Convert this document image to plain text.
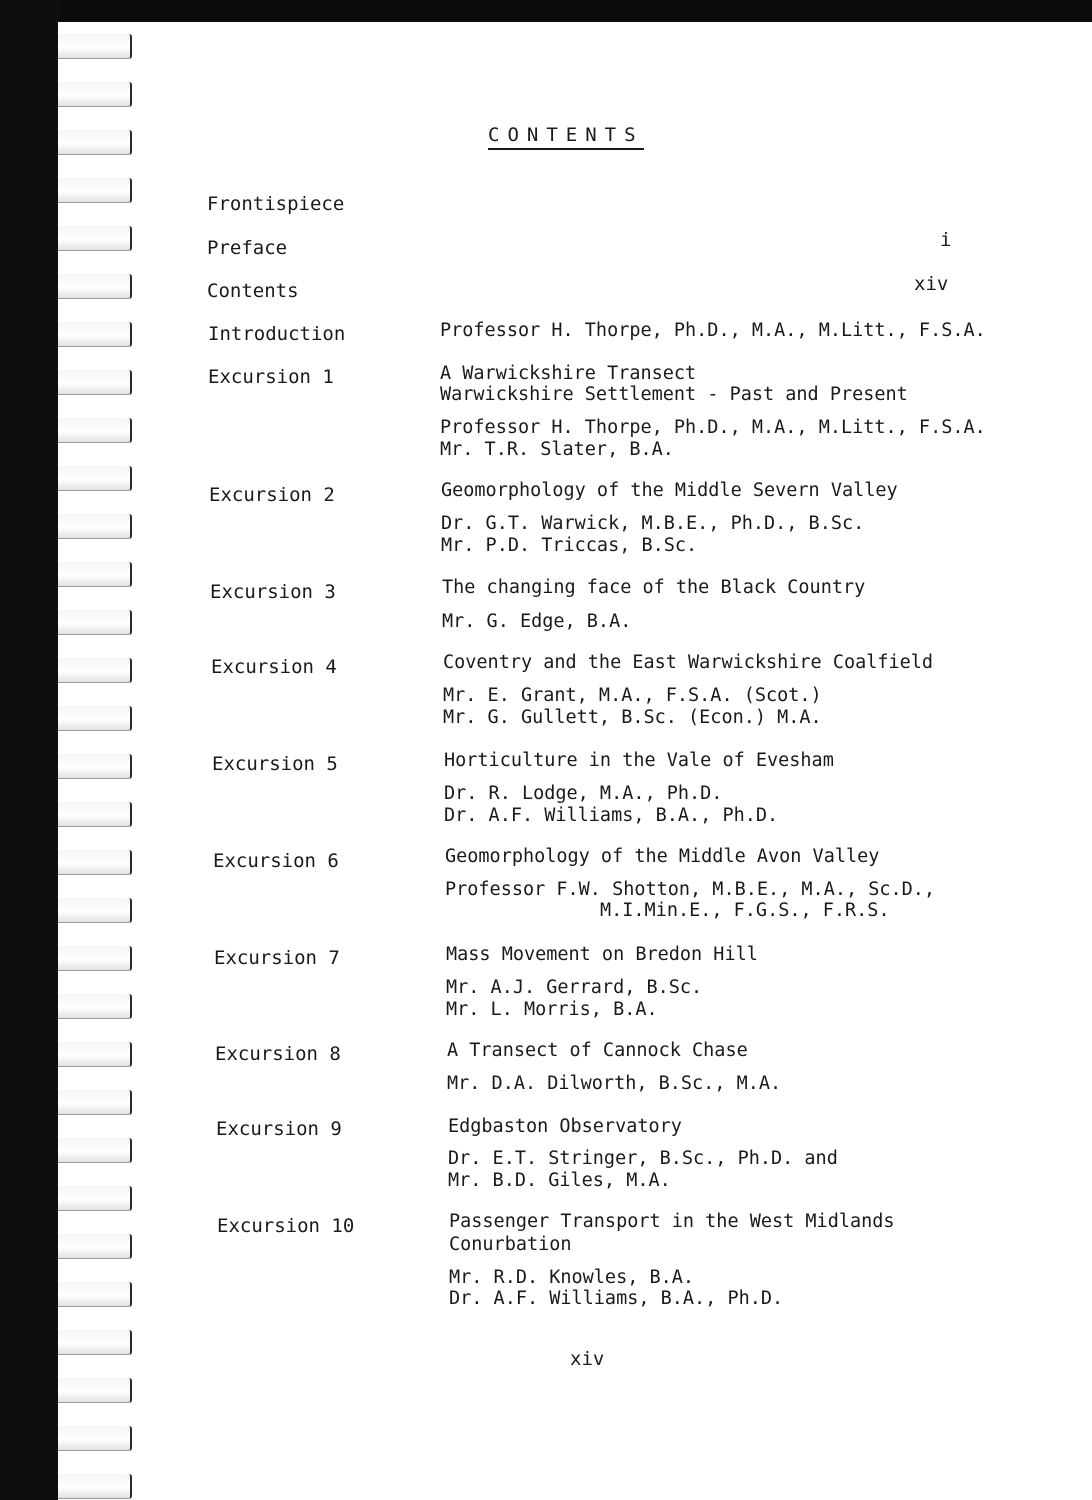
CONTENTS
Frontispiece
Preface	i
Contents	xiv
Introduction	Professor H. Thorpe, Ph.D., M.A., M.Litt., F.S.A.
Excursion 1	A Warwickshire Transect
Warwickshire Settlement - Past and Present
Professor H. Thorpe, Ph.D., M.A., M.Litt., F.S.A.
Mr. T.R. Slater, B.A.
Excursion 2	Geomorphology of the Middle Severn Valley
Dr. G.T. Warwick, M.B.E., Ph.D., B.Sc.
Mr. P.D. Triccas, B.Sc.
Excursion 3	The changing face of the Black Country
Mr. G. Edge, B.A.
Excursion 4	Coventry and the East Warwickshire Coalfield
Mr. E. Grant, M.A., F.S.A. (Scot.)
Mr. G. Gullett, B.Sc. (Econ.) M.A.
Excursion 5	Horticulture in the Vale of Evesham
Dr. R. Lodge, M.A., Ph.D.
Dr. A.F. Williams, B.A., Ph.D.
Excursion 6	Geomorphology of the Middle Avon Valley
Professor F.W. Shotton, M.B.E., M.A., Sc.D.,
M.I.Min.E., F.G.S., F.R.S.
Excursion 7	Mass Movement on Bredon Hill
Mr. A.J. Gerrard, B.Sc.
Mr. L. Morris, B.A.
Excursion 8	A Transect of Cannock Chase
Mr. D.A. Dilworth, B.Sc., M.A.
Excursion 9	Edgbaston Observatory
Dr. E.T. Stringer, B.Sc., Ph.D. and
Mr. B.D. Giles, M.A.
Excursion 10	Passenger Transport in the West Midlands
Conurbation
Mr. R.D. Knowles, B.A.
Dr. A.F. Williams, B.A., Ph.D.
xiv
